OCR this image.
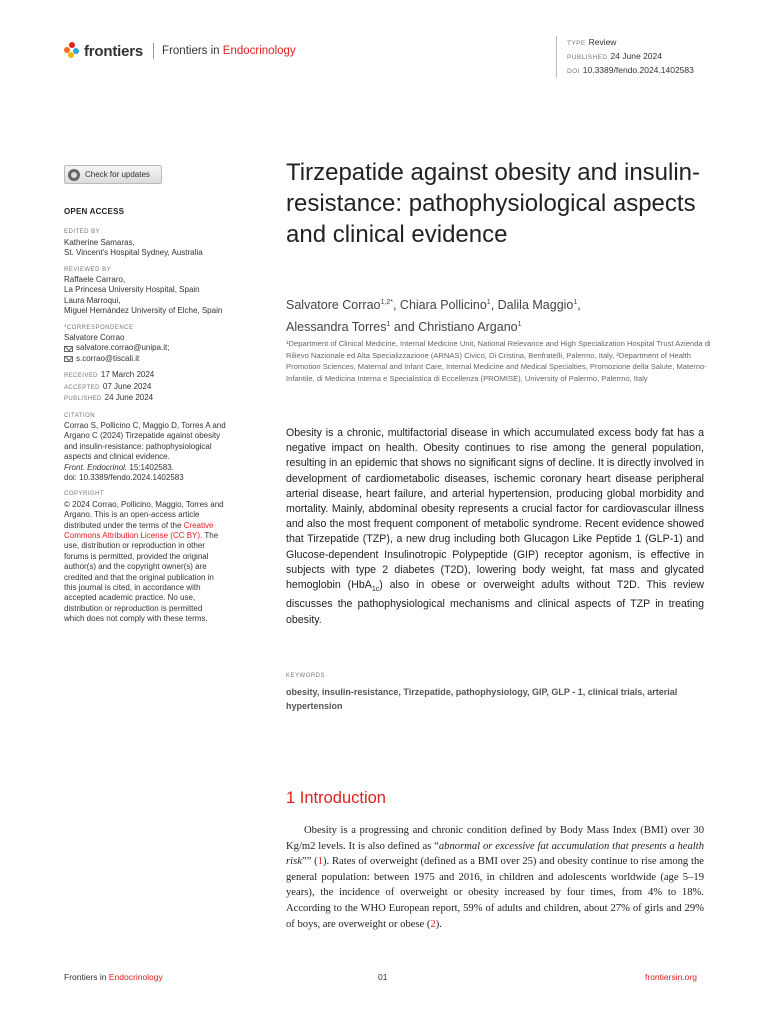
frontiers Frontiers in Endocrinology
TYPE Review
PUBLISHED 24 June 2024
DOI 10.3389/fendo.2024.1402583
Check for updates
OPEN ACCESS
EDITED BY
Katherine Samaras,
St. Vincent's Hospital Sydney, Australia
REVIEWED BY
Raffaele Carraro,
La Princesa University Hospital, Spain
Laura Marroqui,
Miguel Hernández University of Elche, Spain
*CORRESPONDENCE
Salvatore Corrao
salvatore.corrao@unipa.it;
s.corrao@tiscali.it
RECEIVED 17 March 2024
ACCEPTED 07 June 2024
PUBLISHED 24 June 2024
CITATION
Corrao S, Pollicino C, Maggio D, Torres A and
Argano C (2024) Tirzepatide against obesity
and insulin-resistance: pathophysiological
aspects and clinical evidence.
Front. Endocrinol. 15:1402583.
doi: 10.3389/fendo.2024.1402583
COPYRIGHT
© 2024 Corrao, Pollicino, Maggio, Torres and
Argano. This is an open-access article
distributed under the terms of the Creative
Commons Attribution License (CC BY). The
use, distribution or reproduction in other
forums is permitted, provided the original
author(s) and the copyright owner(s) are
credited and that the original publication in
this journal is cited, in accordance with
accepted academic practice. No use,
distribution or reproduction is permitted
which does not comply with these terms.
Tirzepatide against obesity and insulin-resistance: pathophysiological aspects and clinical evidence
Salvatore Corrao$^{1,2*}$, Chiara Pollicino$^1$, Dalila Maggio$^1$,
Alessandra Torres$^1$ and Christiano Argano$^1$
¹Department of Clinical Medicine, Internal Medicine Unit, National Relevance and High Specialization Hospital Trust Azienda di Rilievo Nazionale ed Alta Specializzazione (ARNAS) Civico, Di Cristina, Benfratelli, Palermo, Italy, ²Department of Health Promotion Sciences, Maternal and Infant Care, Internal Medicine and Medical Specialties, Promozione della Salute, Materno-Infantile, di Medicina Interna e Specialistica di Eccellenza (PROMISE), University of Palermo, Palermo, Italy
Obesity is a chronic, multifactorial disease in which accumulated excess body fat has a negative impact on health. Obesity continues to rise among the general population, resulting in an epidemic that shows no significant signs of decline. It is directly involved in development of cardiometabolic diseases, ischemic coronary heart disease peripheral arterial disease, heart failure, and arterial hypertension, producing global morbidity and mortality. Mainly, abdominal obesity represents a crucial factor for cardiovascular illness and also the most frequent component of metabolic syndrome. Recent evidence showed that Tirzepatide (TZP), a new drug including both Glucagon Like Peptide 1 (GLP-1) and Glucose-dependent Insulinotropic Polypeptide (GIP) receptor agonism, is effective in subjects with type 2 diabetes (T2D), lowering body weight, fat mass and glycated hemoglobin (HbA$_{1c}$) also in obese or overweight adults without T2D. This review discusses the pathophysiological mechanisms and clinical aspects of TZP in treating obesity.
KEYWORDS
obesity, insulin-resistance, Tirzepatide, pathophysiology, GIP, GLP - 1, clinical trials, arterial hypertension
1 Introduction

Obesity is a progressing and chronic condition defined by Body Mass Index (BMI) over 30 Kg/m2 levels. It is also defined as “abnormal or excessive fat accumulation that presents a health risk”” (1). Rates of overweight (defined as a BMI over 25) and obesity continue to rise among the general population: between 1975 and 2016, in children and adolescents worldwide (age 5–19 years), the incidence of overweight or obesity increased by four times, from 4% to 18%. According to the WHO European report, 59% of adults and children, about 27% of girls and 29% of boys, are overweight or obese (2).

Frontiers in Endocrinology	01	frontiersin.org
